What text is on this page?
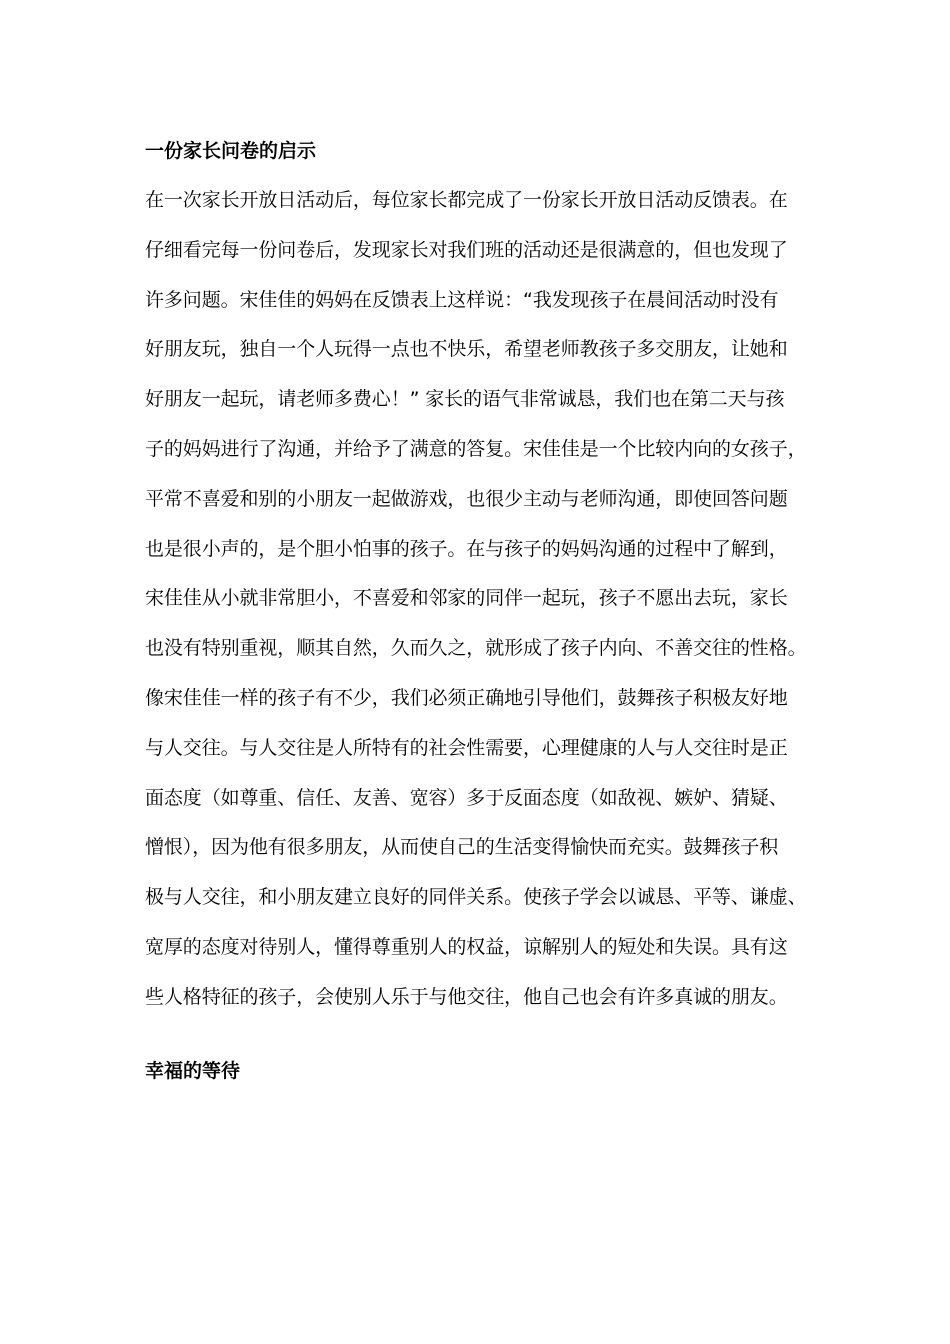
一份家长问卷的启示
在一次家长开放日活动后，每位家长都完成了一份家长开放日活动反馈表。在
仔细看完每一份问卷后，发现家长对我们班的活动还是很满意的，但也发现了
许多问题。宋佳佳的妈妈在反馈表上这样说：“我发现孩子在晨间活动时没有
好朋友玩，独自一个人玩得一点也不快乐，希望老师教孩子多交朋友，让她和
好朋友一起玩，请老师多费心！” 家长的语气非常诚恳，我们也在第二天与孩
子的妈妈进行了沟通，并给予了满意的答复。宋佳佳是一个比较内向的女孩子，
平常不喜爱和别的小朋友一起做游戏，也很少主动与老师沟通，即使回答问题
也是很小声的，是个胆小怕事的孩子。在与孩子的妈妈沟通的过程中了解到，
宋佳佳从小就非常胆小，不喜爱和邻家的同伴一起玩，孩子不愿出去玩，家长
也没有特别重视，顺其自然，久而久之，就形成了孩子内向、不善交往的性格。
像宋佳佳一样的孩子有不少，我们必须正确地引导他们，鼓舞孩子积极友好地
与人交往。与人交往是人所特有的社会性需要，心理健康的人与人交往时是正
面态度（如尊重、信任、友善、宽容）多于反面态度（如敌视、嫉妒、猜疑、
憎恨），因为他有很多朋友，从而使自己的生活变得愉快而充实。鼓舞孩子积
极与人交往，和小朋友建立良好的同伴关系。使孩子学会以诚恳、平等、谦虚、
宽厚的态度对待别人，懂得尊重别人的权益，谅解别人的短处和失误。具有这
些人格特征的孩子，会使别人乐于与他交往，他自己也会有许多真诚的朋友。
幸福的等待
